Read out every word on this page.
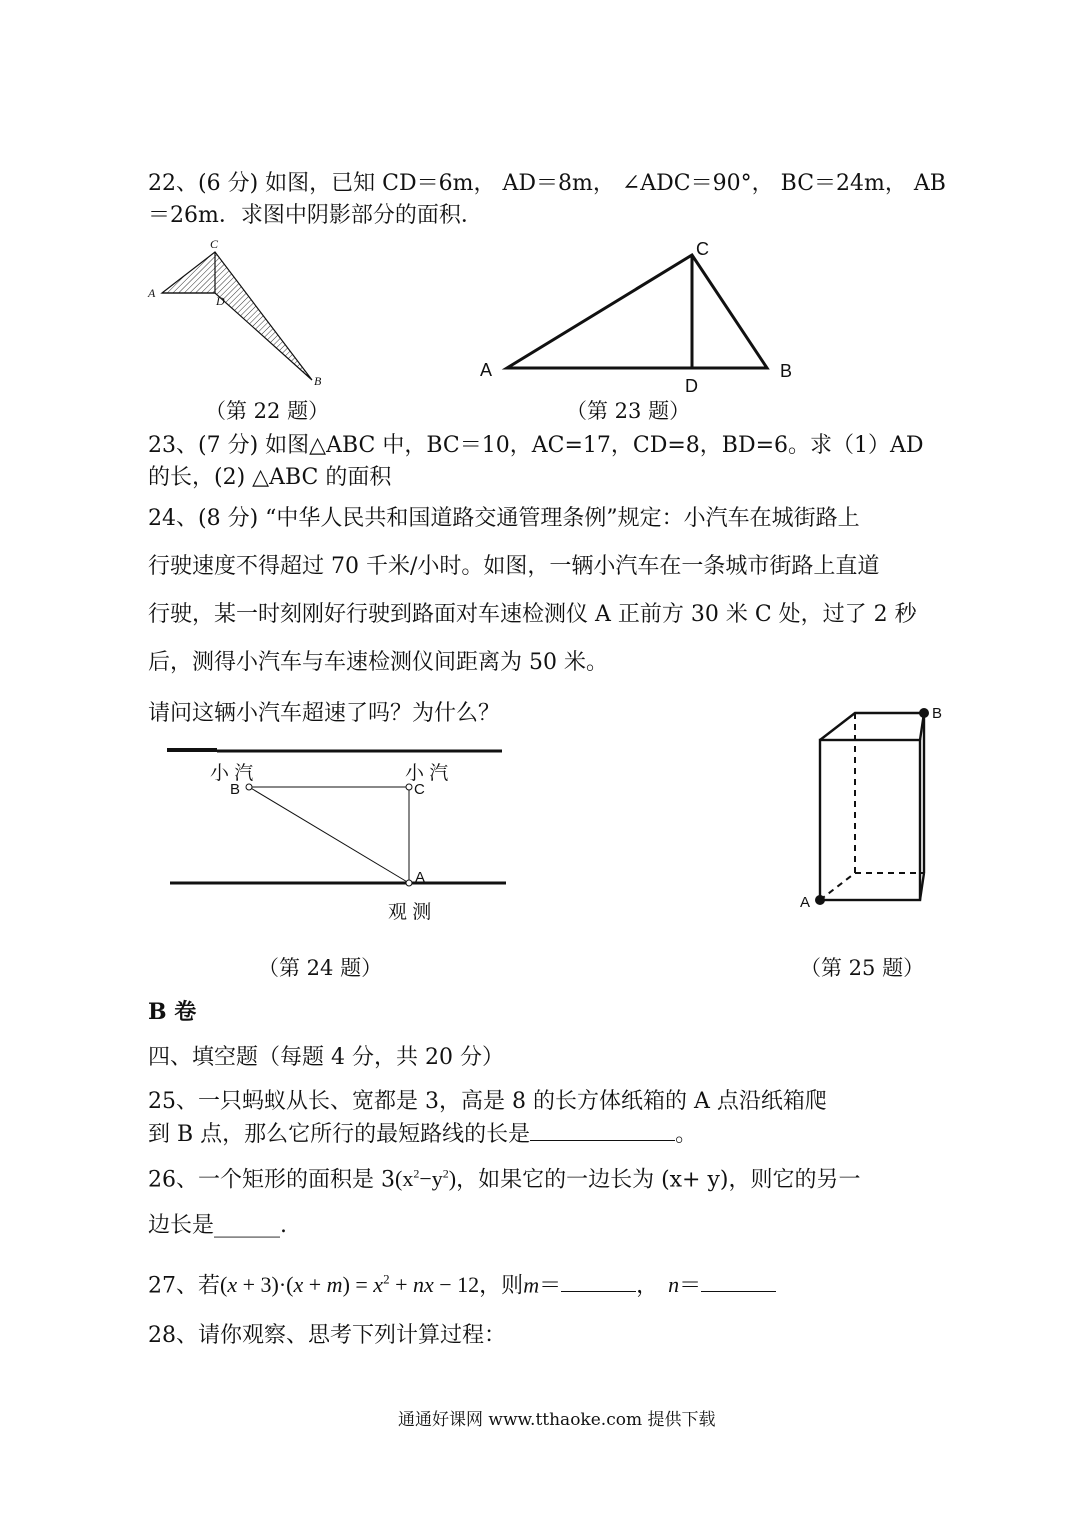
22、(6 分) 如图，已知 CD＝6m， AD＝8m， ∠ADC＝90°， BC＝24m， AB
＝26m．求图中阴影部分的面积．
C
A
D
B
（第 22 题）
C
A
D
B
（第 23 题）
23、(7 分) 如图△ABC 中，BC＝10，AC=17，CD=8，BD=6。求（1）AD
的长，(2) △ABC 的面积
24、(8 分) “中华人民共和国道路交通管理条例”规定：小汽车在城街路上
行驶速度不得超过 70 千米/小时。如图，一辆小汽车在一条城市街路上直道
行驶，某一时刻刚好行驶到路面对车速检测仪 A 正前方 30 米 C 处，过了 2 秒
后，测得小汽车与车速检测仪间距离为 50 米。
请问这辆小汽车超速了吗？为什么？
小 汽	小 汽
B	C
A
观 测
（第 24 题）
B
A
（第 25 题）
B 卷
四、填空题（每题 4 分，共 20 分）
25、一只蚂蚁从长、宽都是 3，高是 8 的长方体纸箱的 A 点沿纸箱爬
到 B 点，那么它所行的最短路线的长是	。
26、一个矩形的面积是 $3(x^2-y^2)$，如果它的一边长为 (x+ y)，则它的另一
边长是______.
27、若$(x + 3)\cdot(x + m) = x^2$ + nx − 12，则m＝	， n＝
28、请你观察、思考下列计算过程：
通通好课网 www.tthaoke.com 提供下载
